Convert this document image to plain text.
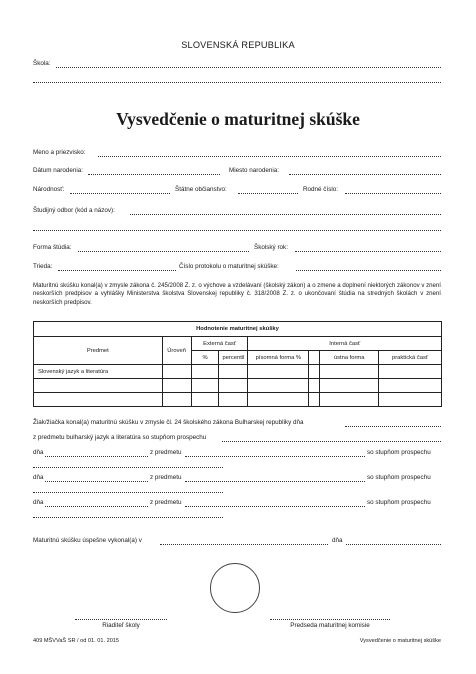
SLOVENSKÁ REPUBLIKA
Škola:
Vysvedčenie o maturitnej skúške
Meno a priezvisko:
Dátum narodenia:	Miesto narodenia:
Národnosť:	Štátne občianstvo:	Rodné číslo:
Študijný odbor (kód a názov):
Forma štúdia:	Školský rok:
Trieda:	Číslo protokolu o maturitnej skúške:
Maturitnú skúšku konal(a) v zmysle zákona č. 245/2008 Z. z. o výchove a vzdelávaní (školský zákon) a o zmene a doplnení niektorých zákonov v znení neskorších predpisov a vyhlášky Ministerstva školstva Slovenskej republiky č. 318/2008 Z. z. o ukončovaní štúdia na stredných školách v znení neskorších predpisov.
Hodnotenie maturitnej skúšky							
Predmet	Úroveň	Externá časť		Interná časť			
		%	percentil	písomná forma %		ústna forma	praktická časť
Slovenský jazyk a literatúra							

Žiak/žiačka konal(a) maturitnú skúšku v zmysle čl. 24 školského zákona Bulharskej republiky dňa
z predmetu bulharský jazyk a literatúra so stupňom prospechu
dňa	z predmetu	so stupňom prospechu
dňa	z predmetu	so stupňom prospechu
dňa	z predmetu	so stupňom prospechu
Maturitnú skúšku úspešne vykonal(a) v	dňa
Riaditeľ školy	Predseda maturitnej komisie
409 MŠVVaŠ SR / od 01. 01. 2015	Vysvedčenie o maturitnej skúške
